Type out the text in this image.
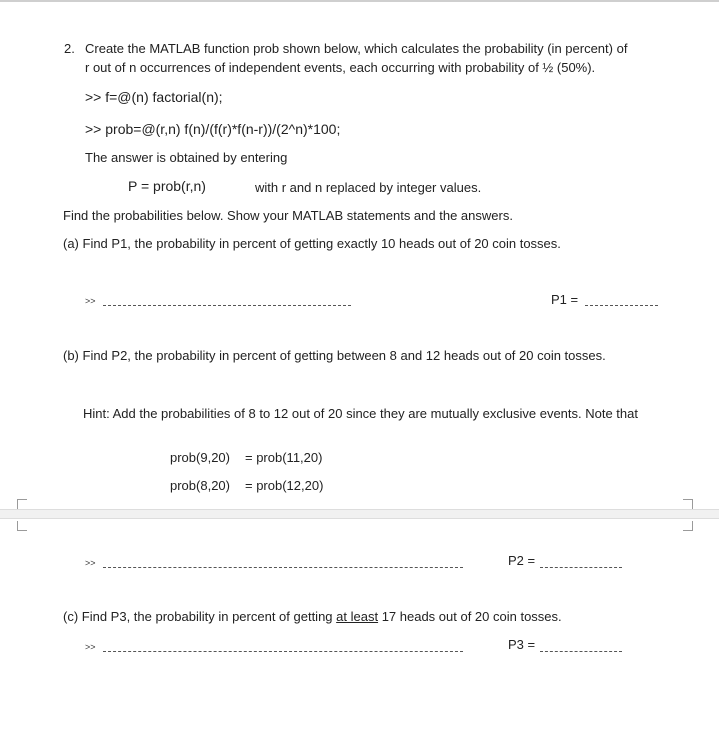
2. Create the MATLAB function prob shown below, which calculates the probability (in percent) of
r out of n occurrences of independent events, each occurring with probability of ½ (50%).
>> f=@(n) factorial(n);
>> prob=@(r,n) f(n)/(f(r)*f(n-r))/(2^n)*100;
The answer is obtained by entering
P = prob(r,n)	with r and n replaced by integer values.
Find the probabilities below. Show your MATLAB statements and the answers.
(a) Find P1, the probability in percent of getting exactly 10 heads out of 20 coin tosses.
>>	P1 =
(b) Find P2, the probability in percent of getting between 8 and 12 heads out of 20 coin tosses.
Hint: Add the probabilities of 8 to 12 out of 20 since they are mutually exclusive events. Note that
prob(9,20) = prob(11,20)
prob(8,20) = prob(12,20)
>>	P2 =
(c) Find P3, the probability in percent of getting at least 17 heads out of 20 coin tosses.
>>	P3 =
